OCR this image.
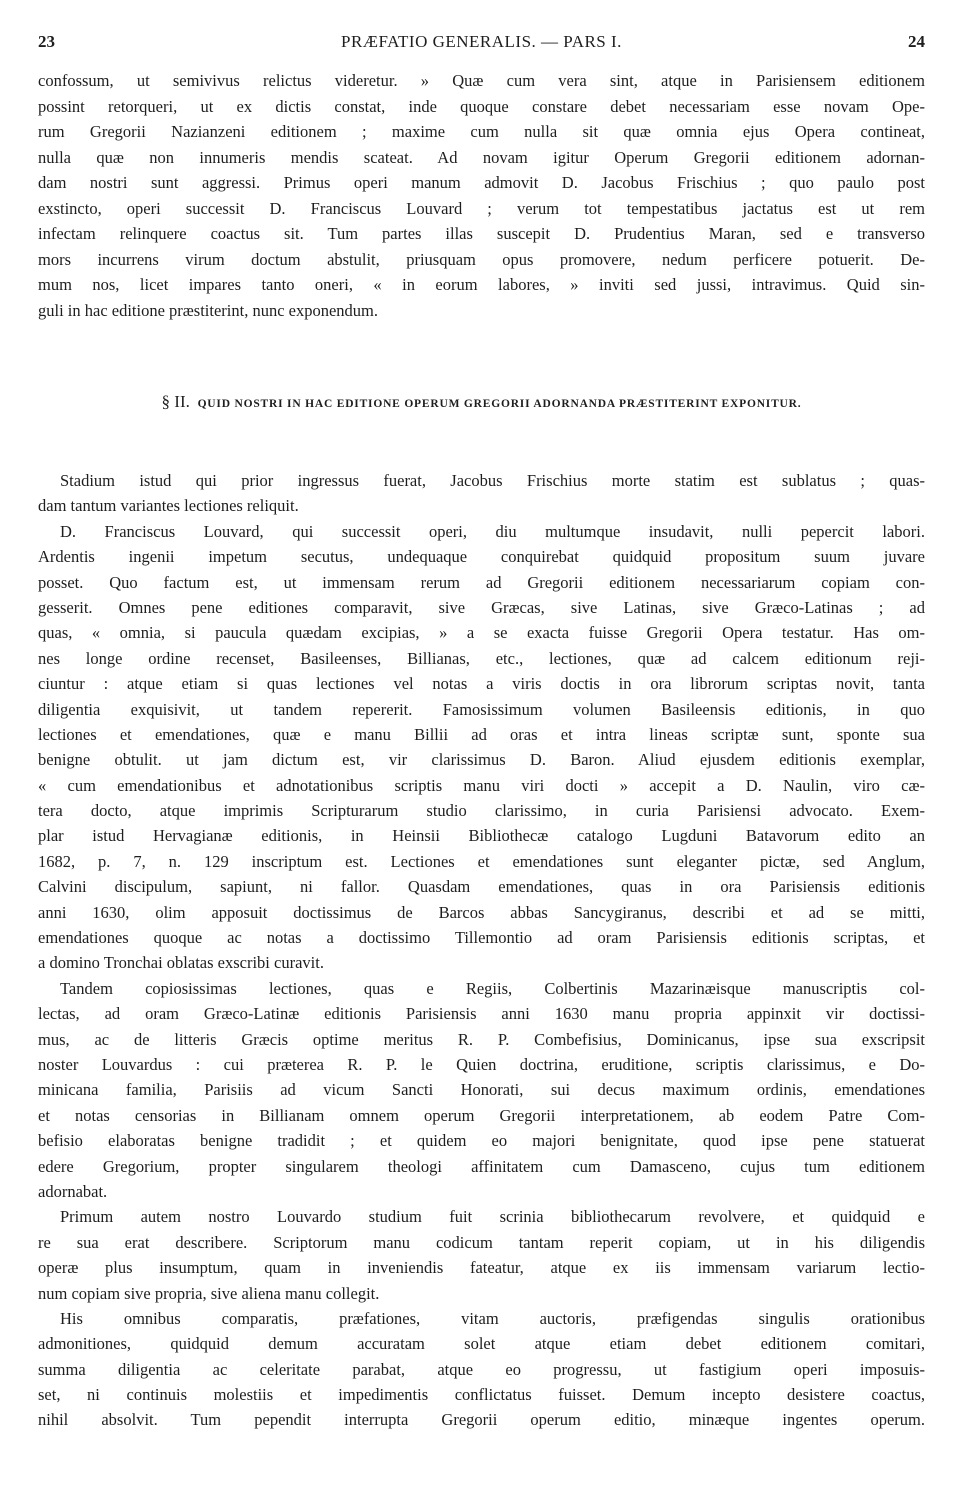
23	PRÆFATIO GENERALIS. — PARS I.	24
confossum, ut semivivus relictus videretur. » Quæ cum vera sint, atque in Parisiensem editionem
possint retorqueri, ut ex dictis constat, inde quoque constare debet necessariam esse novam Ope-
rum Gregorii Nazianzeni editionem ; maxime cum nulla sit quæ omnia ejus Opera contineat,
nulla quæ non innumeris mendis scateat. Ad novam igitur Operum Gregorii editionem adornan-
dam nostri sunt aggressi. Primus operi manum admovit D. Jacobus Frischius ; quo paulo post
exstincto, operi successit D. Franciscus Louvard ; verum tot tempestatibus jactatus est ut rem
infectam relinquere coactus sit. Tum partes illas suscepit D. Prudentius Maran, sed e transverso
mors incurrens virum doctum abstulit, priusquam opus promovere, nedum perficere potuerit. De-
mum nos, licet impares tanto oneri, « in eorum labores, » inviti sed jussi, intravimus. Quid sin-
guli in hac editione præstiterint, nunc exponendum.
§ II. QUID NOSTRI IN HAC EDITIONE OPERUM GREGORII ADORNANDA PRÆSTITERINT EXPONITUR.
Stadium istud qui prior ingressus fuerat, Jacobus Frischius morte statim est sublatus ; quas-
dam tantum variantes lectiones reliquit.
D. Franciscus Louvard, qui successit operi, diu multumque insudavit, nulli pepercit labori.
Ardentis ingenii impetum secutus, undequaque conquirebat quidquid propositum suum juvare
posset. Quo factum est, ut immensam rerum ad Gregorii editionem necessariarum copiam con-
gesserit. Omnes pene editiones comparavit, sive Græcas, sive Latinas, sive Græco-Latinas ; ad
quas, « omnia, si paucula quædam excipias, » a se exacta fuisse Gregorii Opera testatur. Has om-
nes longe ordine recenset, Basileenses, Billianas, etc., lectiones, quæ ad calcem editionum reji-
ciuntur : atque etiam si quas lectiones vel notas a viris doctis in ora librorum scriptas novit, tanta
diligentia exquisivit, ut tandem repererit. Famosissimum volumen Basileensis editionis, in quo
lectiones et emendationes, quæ e manu Billii ad oras et intra lineas scriptæ sunt, sponte sua
benigne obtulit. ut jam dictum est, vir clarissimus D. Baron. Aliud ejusdem editionis exemplar,
« cum emendationibus et adnotationibus scriptis manu viri docti » accepit a D. Naulin, viro cæ-
tera docto, atque imprimis Scripturarum studio clarissimo, in curia Parisiensi advocato. Exem-
plar istud Hervagianæ editionis, in Heinsii Bibliothecæ catalogo Lugduni Batavorum edito an
1682, p. 7, n. 129 inscriptum est. Lectiones et emendationes sunt eleganter pictæ, sed Anglum,
Calvini discipulum, sapiunt, ni fallor. Quasdam emendationes, quas in ora Parisiensis editionis
anni 1630, olim apposuit doctissimus de Barcos abbas Sancygiranus, describi et ad se mitti,
emendationes quoque ac notas a doctissimo Tillemontio ad oram Parisiensis editionis scriptas, et
a domino Tronchai oblatas exscribi curavit.
Tandem copiosissimas lectiones, quas e Regiis, Colbertinis Mazarinæisque manuscriptis col-
lectas, ad oram Græco-Latinæ editionis Parisiensis anni 1630 manu propria appinxit vir doctissi-
mus, ac de litteris Græcis optime meritus R. P. Combefisius, Dominicanus, ipse sua exscripsit
noster Louvardus : cui præterea R. P. le Quien doctrina, eruditione, scriptis clarissimus, e Do-
minicana familia, Parisiis ad vicum Sancti Honorati, sui decus maximum ordinis, emendationes
et notas censorias in Billianam omnem operum Gregorii interpretationem, ab eodem Patre Com-
befisio elaboratas benigne tradidit ; et quidem eo majori benignitate, quod ipse pene statuerat
edere Gregorium, propter singularem theologi affinitatem cum Damasceno, cujus tum editionem
adornabat.
Primum autem nostro Louvardo studium fuit scrinia bibliothecarum revolvere, et quidquid e
re sua erat describere. Scriptorum manu codicum tantam reperit copiam, ut in his diligendis
operæ plus insumptum, quam in inveniendis fateatur, atque ex iis immensam variarum lectio-
num copiam sive propria, sive aliena manu collegit.
His omnibus comparatis, præfationes, vitam auctoris, præfigendas singulis orationibus
admonitiones, quidquid demum accuratam solet atque etiam debet editionem comitari,
summa diligentia ac celeritate parabat, atque eo progressu, ut fastigium operi imposuis-
set, ni continuis molestiis et impedimentis conflictatus fuisset. Demum incepto desistere coactus,
nihil absolvit. Tum pependit interrupta Gregorii operum editio, minæque ingentes operum.
